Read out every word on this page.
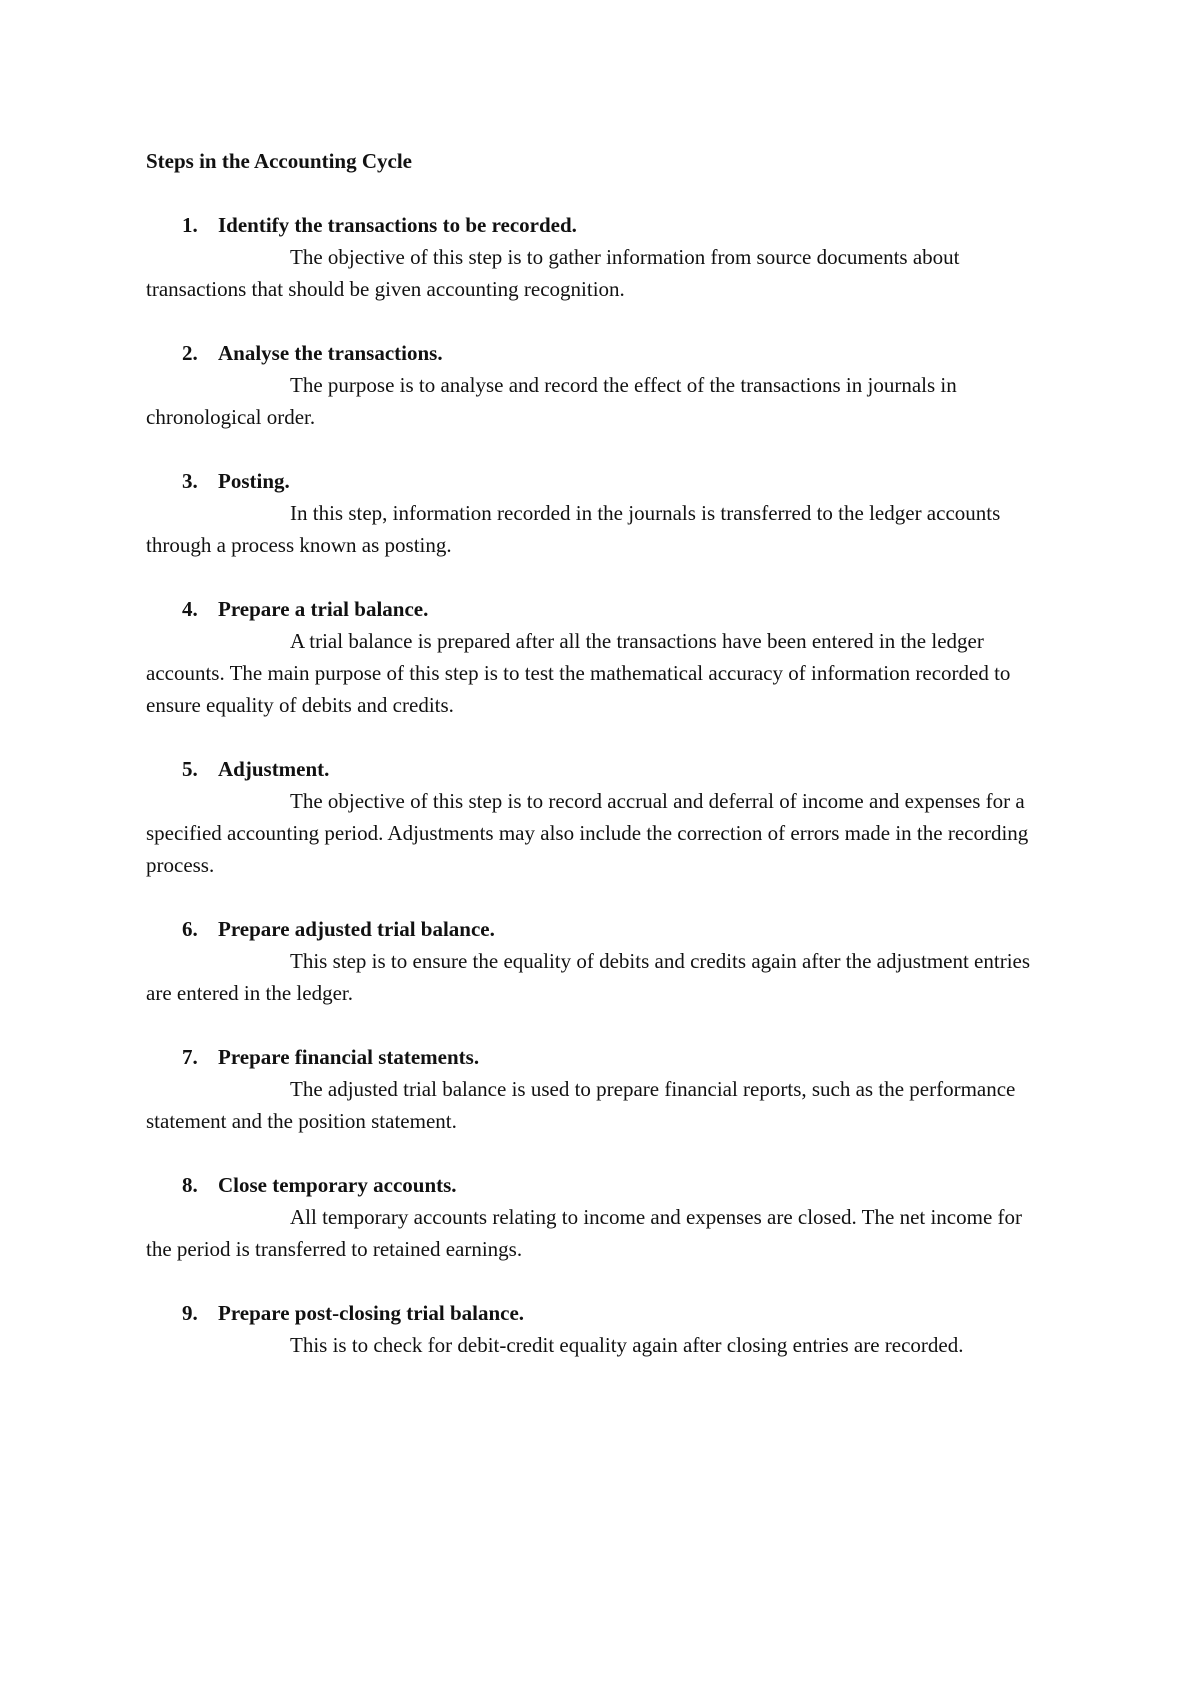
Steps in the Accounting Cycle
1. Identify the transactions to be recorded.

The objective of this step is to gather information from source documents about transactions that should be given accounting recognition.

2. Analyse the transactions.

The purpose is to analyse and record the effect of the transactions in journals in chronological order.

3. Posting.

In this step, information recorded in the journals is transferred to the ledger accounts through a process known as posting.

4. Prepare a trial balance.

A trial balance is prepared after all the transactions have been entered in the ledger accounts. The main purpose of this step is to test the mathematical accuracy of information recorded to ensure equality of debits and credits.

5. Adjustment.

The objective of this step is to record accrual and deferral of income and expenses for a specified accounting period. Adjustments may also include the correction of errors made in the recording process.

6. Prepare adjusted trial balance.

This step is to ensure the equality of debits and credits again after the adjustment entries are entered in the ledger.

7. Prepare financial statements.

The adjusted trial balance is used to prepare financial reports, such as the performance statement and the position statement.

8. Close temporary accounts.

All temporary accounts relating to income and expenses are closed. The net income for the period is transferred to retained earnings.

9. Prepare post-closing trial balance.

This is to check for debit-credit equality again after closing entries are recorded.
